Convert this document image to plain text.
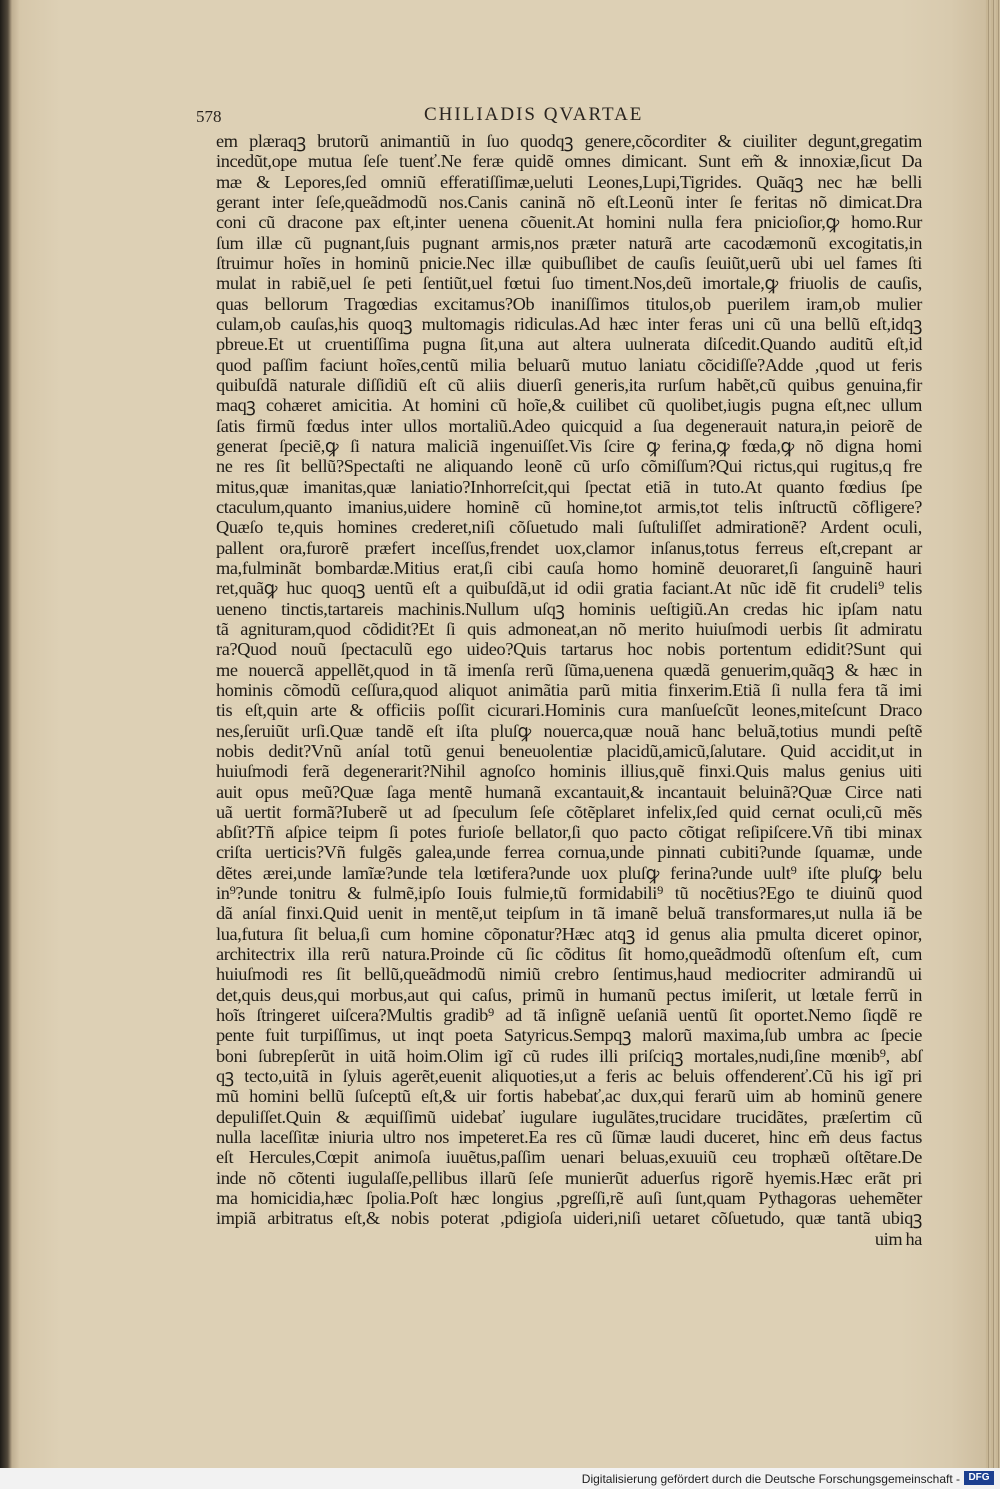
578	CHILIADIS QVARTAE
em plæraqꝫ brutorũ animantiũ in ſuo quodqꝫ genere,cõcorditer & ciuiliter degunt,gregatim
incedũt,ope mutua ſeſe tuenť.Ne feræ quidẽ omnes dimicant. Sunt em̃ & innoxiæ,ſicut Da
mæ & Lepores,ſed omniũ efferatiſſimæ,ueluti Leones,Lupi,Tigrides. Quãqꝫ nec hæ belli
gerant inter ſeſe,queãdmodũ nos.Canis caninã nõ eſt.Leonũ inter ſe feritas nõ dimicat.Dra
coni cũ dracone pax eſt,inter uenena cõuenit.At homini nulla fera pnicioſior,ꝙ homo.Rur
ſum illæ cũ pugnant,ſuis pugnant armis,nos præter naturã arte cacodæmonũ excogitatis,in
ſtruimur hoĩes in hominũ pnicie.Nec illæ quibuſlibet de cauſis ſeuiũt,uerũ ubi uel fames ſti
mulat in rabiẽ,uel ſe peti ſentiũt,uel fœtui ſuo timent.Nos,deũ imortale,ꝙ friuolis de cauſis,
quas bellorum Tragœdias excitamus?Ob inaniſſimos titulos,ob puerilem iram,ob mulier
culam,ob cauſas,his quoqꝫ multomagis ridiculas.Ad hæc inter feras uni cũ una bellũ eſt,idqꝫ
pbreue.Et ut cruentiſſima pugna ſit,una aut altera uulnerata diſcedit.Quando auditũ eſt,id
quod paſſim faciunt hoĩes,centũ milia beluarũ mutuo laniatu cõcidiſſe?Adde ,quod ut feris
quibuſdã naturale diſſidiũ eſt cũ aliis diuerſi generis,ita rurſum habẽt,cũ quibus genuina,fir
maqꝫ cohæret amicitia. At homini cũ hoĩe,& cuilibet cũ quolibet,iugis pugna eſt,nec ullum
ſatis firmũ fœdus inter ullos mortaliũ.Adeo quicquid a ſua degenerauit natura,in peiorẽ de
generat ſpeciẽ,ꝙ ſi natura maliciã ingenuiſſet.Vis ſcire ꝙ ferina,ꝙ fœda,ꝙ nõ digna homi
ne res ſit bellũ?Spectaſti ne aliquando leonẽ cũ urſo cõmiſſum?Qui rictus,qui rugitus,q fre
mitus,quæ imanitas,quæ laniatio?Inhorreſcit,qui ſpectat etiã in tuto.At quanto fœdius ſpe
ctaculum,quanto imanius,uidere hominẽ cũ homine,tot armis,tot telis inſtructũ cõfligere?
Quæſo te,quis homines crederet,niſi cõſuetudo mali ſuſtuliſſet admirationẽ? Ardent oculi,
pallent ora,furorẽ præfert inceſſus,frendet uox,clamor inſanus,totus ferreus eſt,crepant ar
ma,fulminãt bombardæ.Mitius erat,ſi cibi cauſa homo hominẽ deuoraret,ſi ſanguinẽ hauri
ret,quãꝙ huc quoqꝫ uentũ eſt a quibuſdã,ut id odii gratia faciant.At nũc idẽ fit crudeli⁹ telis
ueneno tinctis,tartareis machinis.Nullum uſqꝫ hominis ueſtigiũ.An credas hic ipſam natu
tã agnituram,quod cõdidit?Et ſi quis admoneat,an nõ merito huiuſmodi uerbis ſit admiratu
ra?Quod nouũ ſpectaculũ ego uideo?Quis tartarus hoc nobis portentum edidit?Sunt qui
me nouercã appellẽt,quod in tã imenſa rerũ ſũma,uenena quædã genuerim,quãqꝫ & hæc in
hominis cõmodũ ceſſura,quod aliquot animãtia parũ mitia finxerim.Etiã ſi nulla fera tã imi
tis eſt,quin arte & officiis poſſit cicurari.Hominis cura manſueſcũt leones,miteſcunt Draco
nes,ſeruiũt urſi.Quæ tandẽ eſt iſta pluſꝙ nouerca,quæ nouã hanc beluã,totius mundi peſtẽ
nobis dedit?Vnũ aníal totũ genui beneuolentiæ placidũ,amicũ,ſalutare. Quid accidit,ut in
huiuſmodi ferã degenerarit?Nihil agnoſco hominis illius,quẽ finxi.Quis malus genius uiti
auit opus meũ?Quæ ſaga mentẽ humanã excantauit,& incantauit beluinã?Quæ Circe nati
uã uertit formã?Iuberẽ ut ad ſpeculum ſeſe cõtẽplaret infelix,ſed quid cernat oculi,cũ mẽs
abſit?Tñ aſpice teipm ſi potes furioſe bellator,ſi quo pacto cõtigat reſipiſcere.Vñ tibi minax
criſta uerticis?Vñ fulgẽs galea,unde ferrea cornua,unde pinnati cubiti?unde ſquamæ, unde
dẽtes ærei,unde lamĩæ?unde tela lœtifera?unde uox pluſꝙ ferina?unde uult⁹ iſte pluſꝙ belu
in⁹?unde tonitru & fulmẽ,ipſo Iouis fulmie,tũ formidabili⁹ tũ nocẽtius?Ego te diuinũ quod
dã aníal finxi.Quid uenit in mentẽ,ut teipſum in tã imanẽ beluã transformares,ut nulla iã be
lua,futura ſit belua,ſi cum homine cõponatur?Hæc atqꝫ id genus alia pmulta diceret opinor,
architectrix illa rerũ natura.Proinde cũ ſic cõditus ſit homo,queãdmodũ oſtenſum eſt, cum
huiuſmodi res ſit bellũ,queãdmodũ nimiũ crebro ſentimus,haud mediocriter admirandũ ui
det,quis deus,qui morbus,aut qui caſus, primũ in humanũ pectus imiſerit, ut lœtale ferrũ in
hoĩs ſtringeret uiſcera?Multis gradib⁹ ad tã inſignẽ ueſaniã uentũ ſit oportet.Nemo ſiqdẽ re
pente fuit turpiſſimus, ut inqt poeta Satyricus.Sempqꝫ malorũ maxima,ſub umbra ac ſpecie
boni ſubrepſerũt in uitã hoim.Olim igĩ cũ rudes illi priſciqꝫ mortales,nudi,ſine mœnib⁹, abſ
qꝫ tecto,uitã in ſyluis agerẽt,euenit aliquoties,ut a feris ac beluis offenderenť.Cũ his igĩ pri
mũ homini bellũ ſuſceptũ eſt,& uir fortis habebať,ac dux,qui ferarũ uim ab hominũ genere
depuliſſet.Quin & æquiſſimũ uidebať iugulare iugulãtes,trucidare trucidãtes, præſertim cũ
nulla laceſſitæ iniuria ultro nos impeteret.Ea res cũ ſũmæ laudi duceret, hinc em̃ deus factus
eſt Hercules,Cœpit animoſa iuuẽtus,paſſim uenari beluas,exuuiũ ceu trophæũ oſtẽtare.De
inde nõ cõtenti iugulaſſe,pellibus illarũ ſeſe munierũt aduerſus rigorẽ hyemis.Hæc erãt pri
ma homicidia,hæc ſpolia.Poſt hæc longius ,pgreſſi,rẽ auſi ſunt,quam Pythagoras uehemẽter
impiã arbitratus eſt,& nobis poterat ,pdigioſa uideri,niſi uetaret cõſuetudo, quæ tantã ubiqꝫ
uim ha
Digitalisierung gefördert durch die Deutsche Forschungsgemeinschaft - DFG
